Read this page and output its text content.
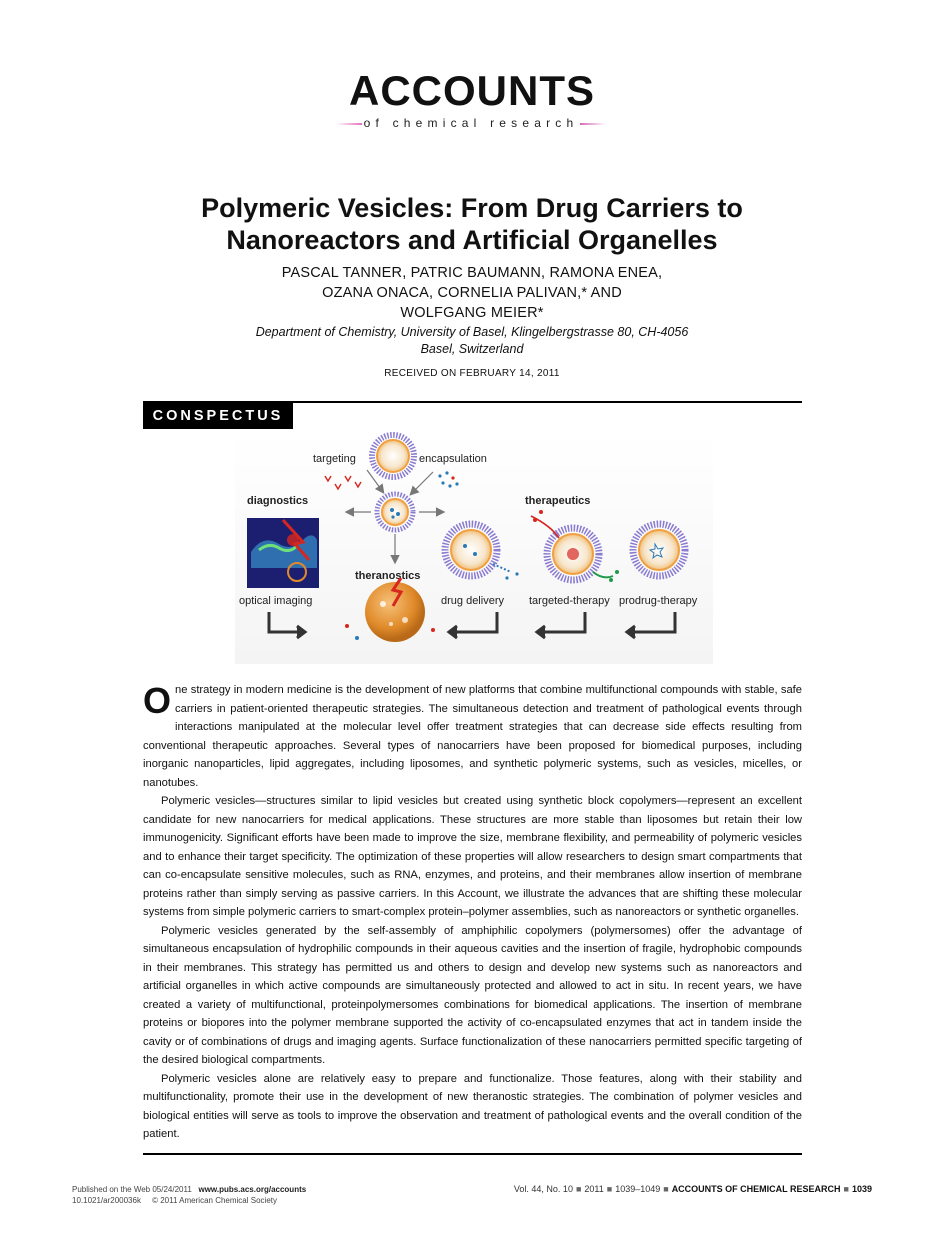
ACCOUNTS
of chemical research
Polymeric Vesicles: From Drug Carriers to Nanoreactors and Artificial Organelles
PASCAL TANNER, PATRIC BAUMANN, RAMONA ENEA,
OZANA ONACA, CORNELIA PALIVAN,* AND
WOLFGANG MEIER*
Department of Chemistry, University of Basel, Klingelbergstrasse 80, CH-4056
Basel, Switzerland
RECEIVED ON FEBRUARY 14, 2011
CONSPECTUS
targeting	encapsulation
diagnostics	therapeutics
theranostics
optical imaging	drug delivery targeted-therapy prodrug-therapy

One strategy in modern medicine is the development of new platforms that combine multifunctional compounds with stable, safe carriers in patient-oriented therapeutic strategies. The simultaneous detection and treatment of pathological events through interactions manipulated at the molecular level offer treatment strategies that can decrease side effects resulting from conventional therapeutic approaches. Several types of nanocarriers have been proposed for biomedical purposes, including inorganic nanoparticles, lipid aggregates, including liposomes, and synthetic polymeric systems, such as vesicles, micelles, or nanotubes.

Polymeric vesicles—structures similar to lipid vesicles but created using synthetic block copolymers—represent an excellent candidate for new nanocarriers for medical applications. These structures are more stable than liposomes but retain their low immunogenicity. Significant efforts have been made to improve the size, membrane flexibility, and permeability of polymeric vesicles and to enhance their target specificity. The optimization of these properties will allow researchers to design smart compartments that can co-encapsulate sensitive molecules, such as RNA, enzymes, and proteins, and their membranes allow insertion of membrane proteins rather than simply serving as passive carriers. In this Account, we illustrate the advances that are shifting these molecular systems from simple polymeric carriers to smart-complex protein–polymer assemblies, such as nanoreactors or synthetic organelles.

Polymeric vesicles generated by the self-assembly of amphiphilic copolymers (polymersomes) offer the advantage of simultaneous encapsulation of hydrophilic compounds in their aqueous cavities and the insertion of fragile, hydrophobic compounds in their membranes. This strategy has permitted us and others to design and develop new systems such as nanoreactors and artificial organelles in which active compounds are simultaneously protected and allowed to act in situ. In recent years, we have created a variety of multifunctional, proteinpolymersomes combinations for biomedical applications. The insertion of membrane proteins or biopores into the polymer membrane supported the activity of co-encapsulated enzymes that act in tandem inside the cavity or of combinations of drugs and imaging agents. Surface functionalization of these nanocarriers permitted specific targeting of the desired biological compartments.

Polymeric vesicles alone are relatively easy to prepare and functionalize. Those features, along with their stability and multifunctionality, promote their use in the development of new theranostic strategies. The combination of polymer vesicles and biological entities will serve as tools to improve the observation and treatment of pathological events and the overall condition of the patient.

Published on the Web 05/24/2011 www.pubs.acs.org/accounts
10.1021/ar200036k © 2011 American Chemical Society
Vol. 44, No. 10 ■ 2011 ■ 1039–1049 ■ ACCOUNTS OF CHEMICAL RESEARCH ■ 1039
